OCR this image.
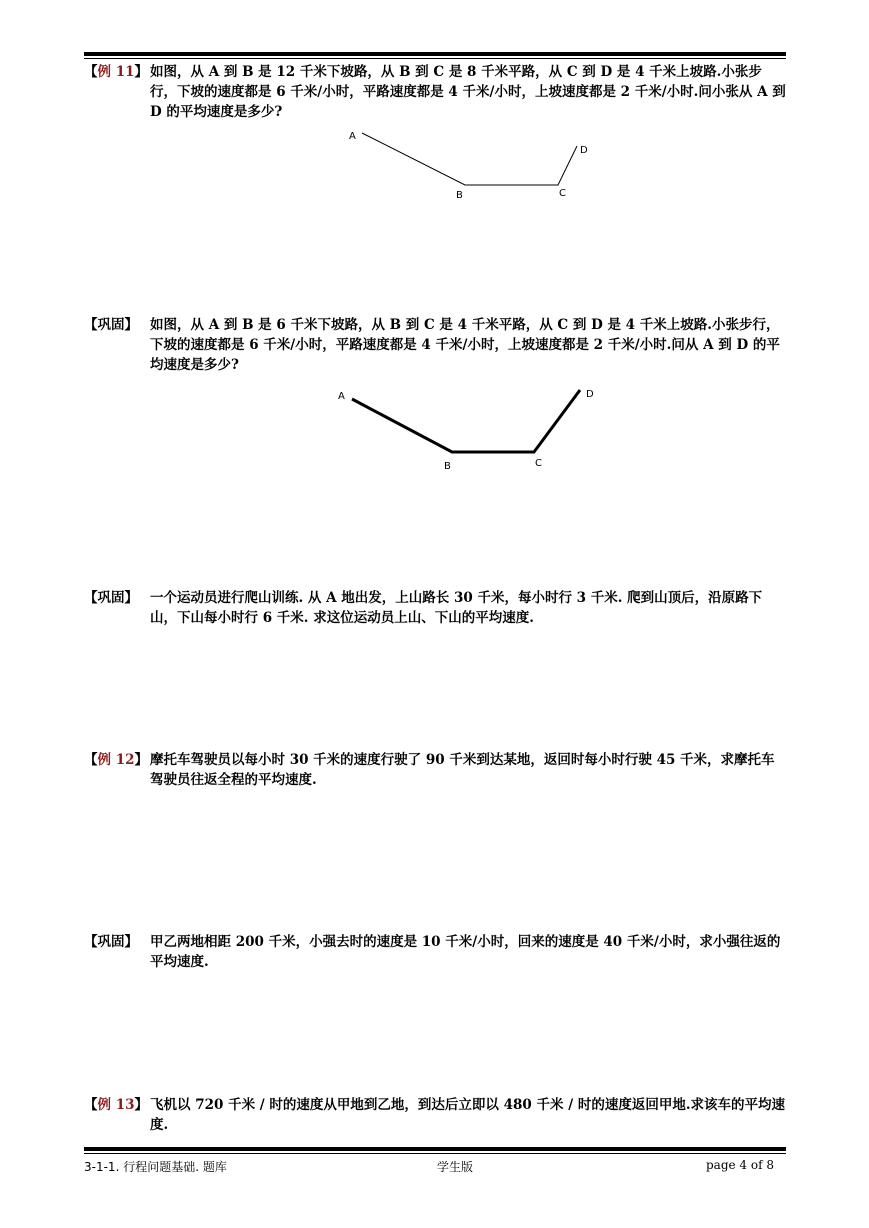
【例 11】 如图，从 A 到 B 是 12 千米下坡路，从 B 到 C 是 8 千米平路，从 C 到 D 是 4 千米上坡路.小张步行，下坡的速度都是 6 千米/小时，平路速度都是 4 千米/小时，上坡速度都是 2 千米/小时.问小张从 A 到 D 的平均速度是多少?
A
B	C
D
【巩固】 如图，从 A 到 B 是 6 千米下坡路，从 B 到 C 是 4 千米平路，从 C 到 D 是 4 千米上坡路.小张步行，下坡的速度都是 6 千米/小时，平路速度都是 4 千米/小时，上坡速度都是 2 千米/小时.问从 A 到 D 的平均速度是多少?
A
B	C
D
【巩固】 一个运动员进行爬山训练. 从 A 地出发，上山路长 30 千米，每小时行 3 千米. 爬到山顶后，沿原路下山，下山每小时行 6 千米. 求这位运动员上山、下山的平均速度.
【例 12】 摩托车驾驶员以每小时 30 千米的速度行驶了 90 千米到达某地，返回时每小时行驶 45 千米，求摩托车驾驶员往返全程的平均速度.
【巩固】 甲乙两地相距 200 千米，小强去时的速度是 10 千米/小时，回来的速度是 40 千米/小时，求小强往返的平均速度.
【例 13】 飞机以 720 千米 / 时的速度从甲地到乙地，到达后立即以 480 千米 / 时的速度返回甲地.求该车的平均速度.
3-1-1. 行程问题基础. 题库	学生版	page 4 of 8
